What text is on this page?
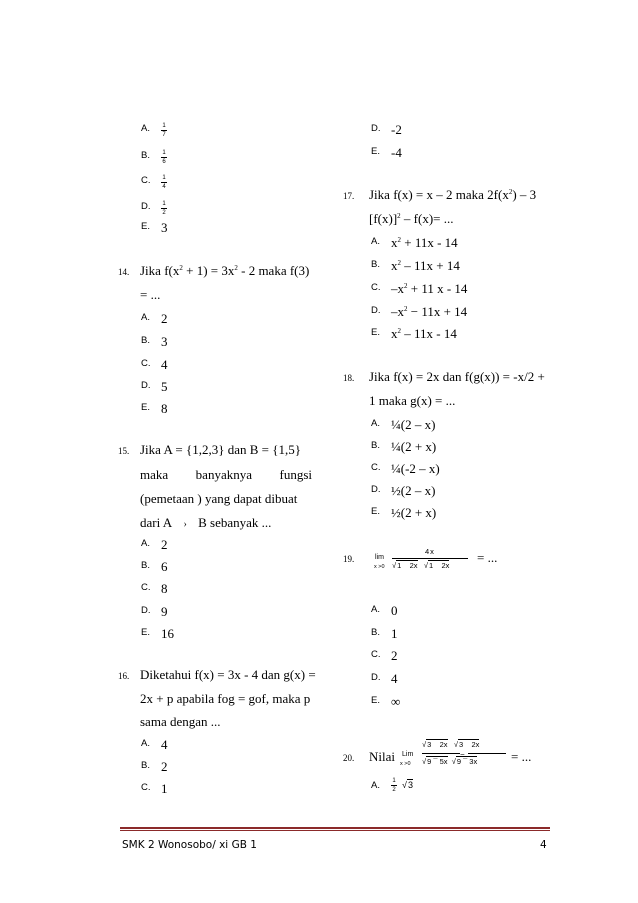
A. 1
7
B. 1
6
C. 1
4
D. 1
2
E. 3
14. Jika $f(x^2 + 1) = 3x^2 - 2$ maka f(3)
= ...
A. 2
B. 3
C. 4
D. 5
E. 8
15. Jika A = {1,2,3} dan B = {1,5}
maka banyaknya fungsi
(pemetaan ) yang dapat dibuat
dari A › B sebanyak ...
A. 2
B. 6
C. 8
D. 9
E. 16
16. Diketahui f(x) = 3x - 4 dan g(x) =
2x + p apabila fog = gof, maka p
sama dengan ...
A. 4
B. 2
C. 1
D. -2
E. -4
17. Jika f(x) = x – 2 maka $2f(x^2) - 3$
$[f(x)]^2 - f(x)=$ ...
A. $x^2 + 11x - 14$
B. $x^2 - 11x + 14$
C. $-x^2 + 11$ x - 14
D. $-x^2 - 11x + 14$
E. $x^2 - 11x - 14$
18. Jika f(x) = 2x dan f(g(x)) = -x/2 +
1 maka g(x) = ...
A. ¼(2 – x)
B. ¼(2 + x)
C. ¼(-2 – x)
D. ½(2 – x)
E. ½(2 + x)
19.	lim
x ˃0
4x
√1    2x   √1    2x
= ...
A. 0
B. 1
C. 2
D. 4
E. ∞
20. Nilai Lim
x ˃0
√3    2x   √3    2x
−
√9 ¯ 5x  √9 ¯ 3x	= ...
A. 1
2 √3
SMK 2 Wonosobo/ xi GB 1	4
